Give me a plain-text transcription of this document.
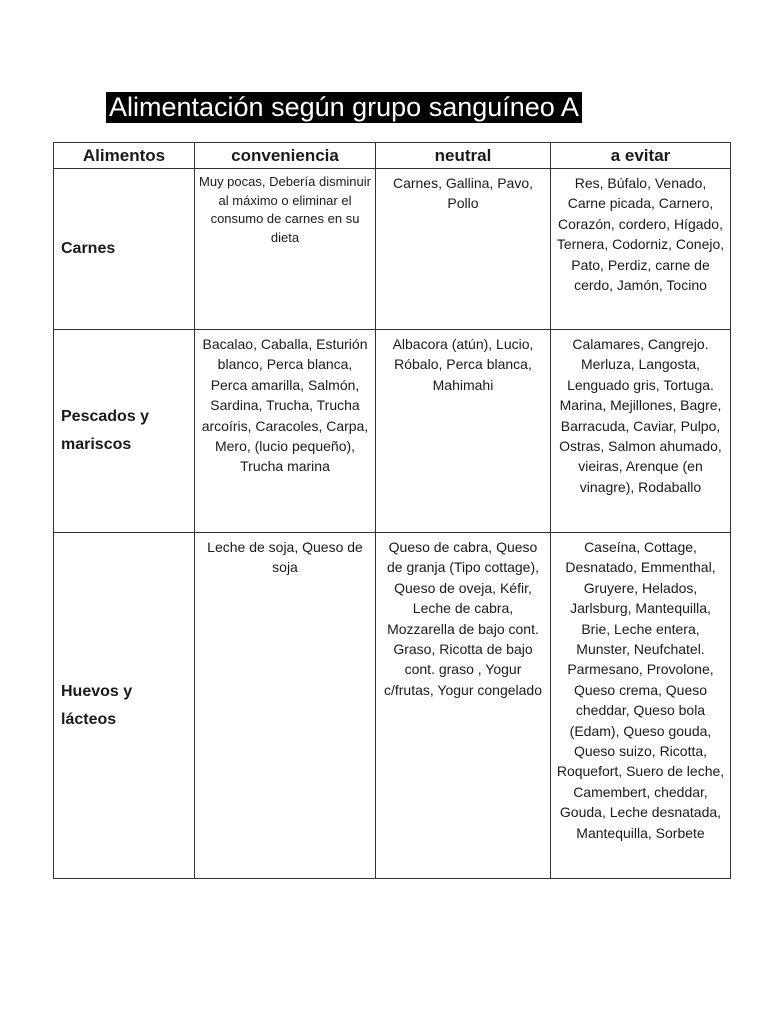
Alimentación según grupo sanguíneo A
Alimentos	conveniencia	neutral	a evitar
Carnes	Muy pocas, Debería disminuir al máximo o eliminar el consumo de carnes en su dieta	Carnes, Gallina, Pavo, Pollo	Res, Búfalo, Venado, Carne picada, Carnero, Corazón, cordero, Hígado, Ternera, Codorniz, Conejo, Pato, Perdiz, carne de cerdo, Jamón, Tocino
Pescados y mariscos	Bacalao, Caballa, Esturión blanco, Perca blanca, Perca amarilla, Salmón, Sardina, Trucha, Trucha arcoíris, Caracoles, Carpa, Mero, (lucio pequeño), Trucha marina	Albacora (atún), Lucio, Róbalo, Perca blanca, Mahimahi	Calamares, Cangrejo. Merluza, Langosta, Lenguado gris, Tortuga. Marina, Mejillones, Bagre, Barracuda, Caviar, Pulpo, Ostras, Salmon ahumado, vieiras, Arenque (en vinagre), Rodaballo
Huevos y lácteos	Leche de soja, Queso de soja	Queso de cabra, Queso de granja (Tipo cottage), Queso de oveja, Kéfir, Leche de cabra, Mozzarella de bajo cont. Graso, Ricotta de bajo cont. graso , Yogur c/frutas, Yogur congelado	Caseína, Cottage, Desnatado, Emmenthal, Gruyere, Helados, Jarlsburg, Mantequilla, Brie, Leche entera, Munster, Neufchatel. Parmesano, Provolone, Queso crema, Queso cheddar, Queso bola (Edam), Queso gouda, Queso suizo, Ricotta, Roquefort, Suero de leche, Camembert, cheddar, Gouda, Leche desnatada, Mantequilla, Sorbete
